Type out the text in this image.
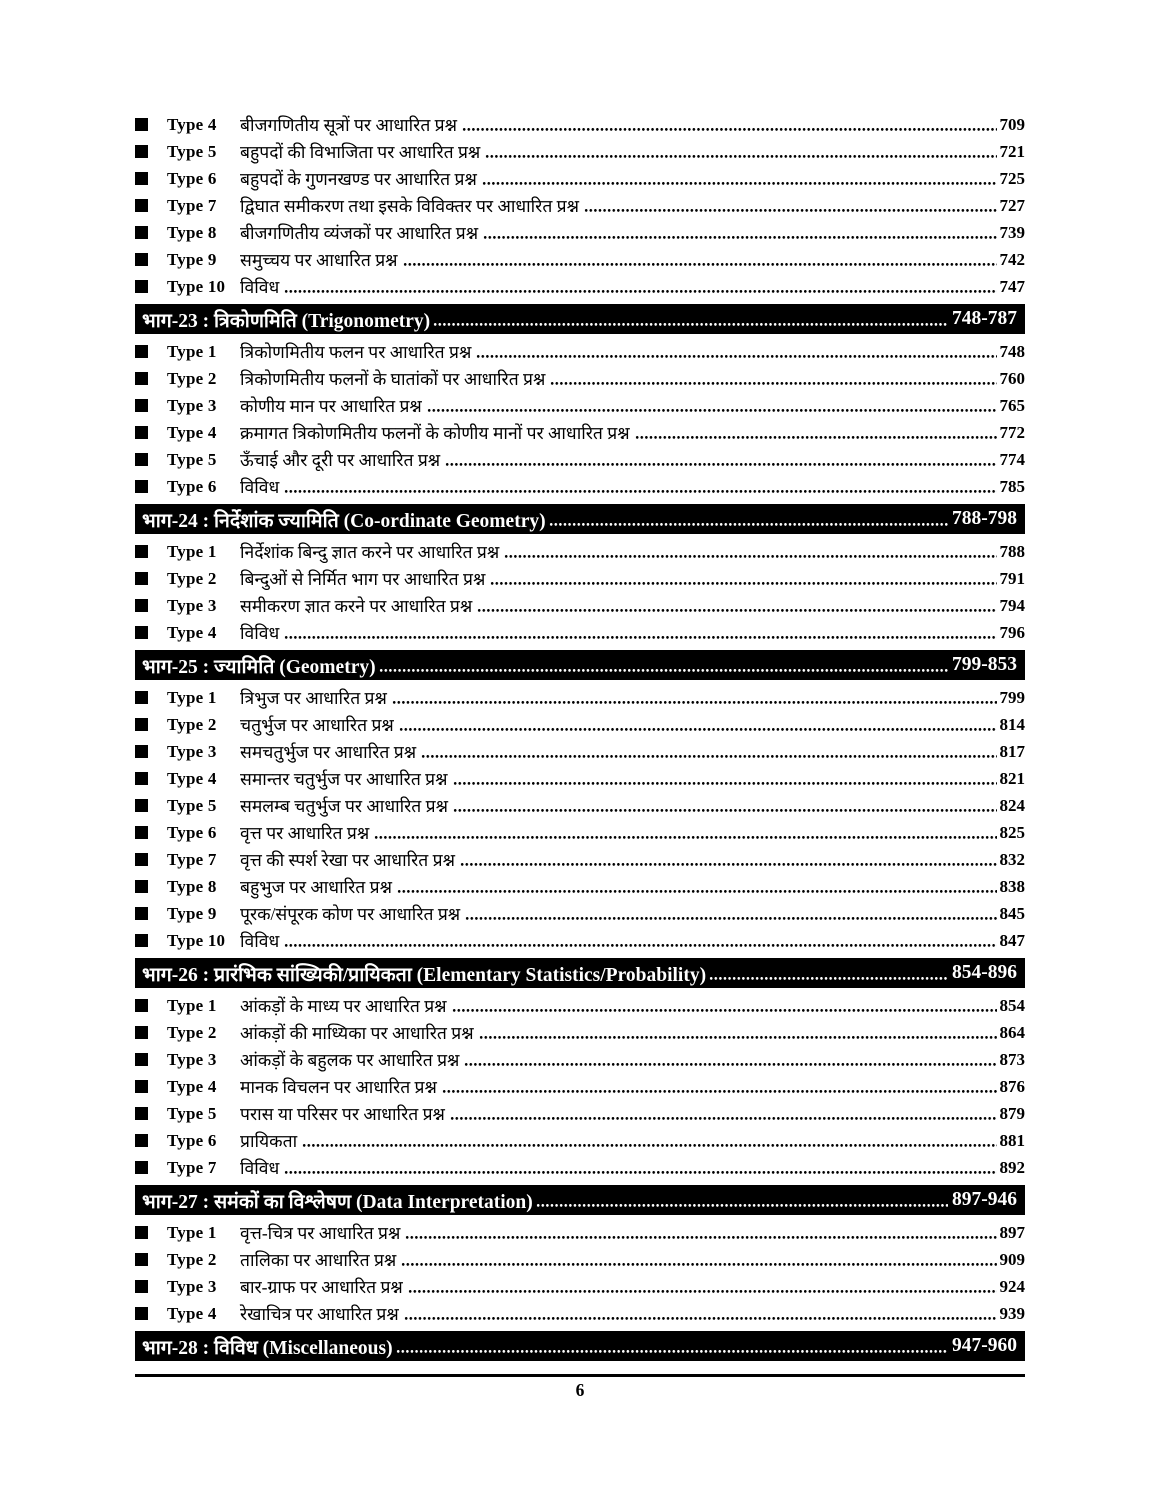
Type 4	बीजगणितीय सूत्रों पर आधारित प्रश्न	709
Type 5	बहुपदों की विभाजिता पर आधारित प्रश्न	721
Type 6	बहुपदों के गुणनखण्ड पर आधारित प्रश्न	725
Type 7	द्विघात समीकरण तथा इसके विविक्तर पर आधारित प्रश्न	727
Type 8	बीजगणितीय व्यंजकों पर आधारित प्रश्न	739
Type 9	समुच्चय पर आधारित प्रश्न	742
Type 10 विविध	747
भाग-23 : त्रिकोणमिति (Trigonometry)	748-787
Type 1	त्रिकोणमितीय फलन पर आधारित प्रश्न	748
Type 2	त्रिकोणमितीय फलनों के घातांकों पर आधारित प्रश्न	760
Type 3	कोणीय मान पर आधारित प्रश्न	765
Type 4	क्रमागत त्रिकोणमितीय फलनों के कोणीय मानों पर आधारित प्रश्न	772
Type 5	ऊँचाई और दूरी पर आधारित प्रश्न	774
Type 6	विविध	785
भाग-24 : निर्देशांक ज्यामिति (Co-ordinate Geometry)	788-798
Type 1	निर्देशांक बिन्दु ज्ञात करने पर आधारित प्रश्न	788
Type 2	बिन्दुओं से निर्मित भाग पर आधारित प्रश्न	791
Type 3	समीकरण ज्ञात करने पर आधारित प्रश्न	794
Type 4	विविध	796
भाग-25 : ज्यामिति (Geometry)	799-853
Type 1	त्रिभुज पर आधारित प्रश्न	799
Type 2	चतुर्भुज पर आधारित प्रश्न	814
Type 3	समचतुर्भुज पर आधारित प्रश्न	817
Type 4	समान्तर चतुर्भुज पर आधारित प्रश्न	821
Type 5	समलम्ब चतुर्भुज पर आधारित प्रश्न	824
Type 6	वृत्त पर आधारित प्रश्न	825
Type 7	वृत्त की स्पर्श रेखा पर आधारित प्रश्न	832
Type 8	बहुभुज पर आधारित प्रश्न	838
Type 9	पूरक/संपूरक कोण पर आधारित प्रश्न	845
Type 10 विविध	847
भाग-26 : प्रारंभिक सांख्यिकी/प्रायिकता (Elementary Statistics/Probability)	854-896
Type 1	आंकड़ों के माध्य पर आधारित प्रश्न	854
Type 2	आंकड़ों की माध्यिका पर आधारित प्रश्न	864
Type 3	आंकड़ों के बहुलक पर आधारित प्रश्न	873
Type 4	मानक विचलन पर आधारित प्रश्न	876
Type 5	परास या परिसर पर आधारित प्रश्न	879
Type 6	प्रायिकता	881
Type 7	विविध	892
भाग-27 : समंकों का विश्लेषण (Data Interpretation)	897-946
Type 1	वृत्त-चित्र पर आधारित प्रश्न	897
Type 2	तालिका पर आधारित प्रश्न	909
Type 3	बार-ग्राफ पर आधारित प्रश्न	924
Type 4	रेखाचित्र पर आधारित प्रश्न	939
भाग-28 : विविध (Miscellaneous)	947-960
6
